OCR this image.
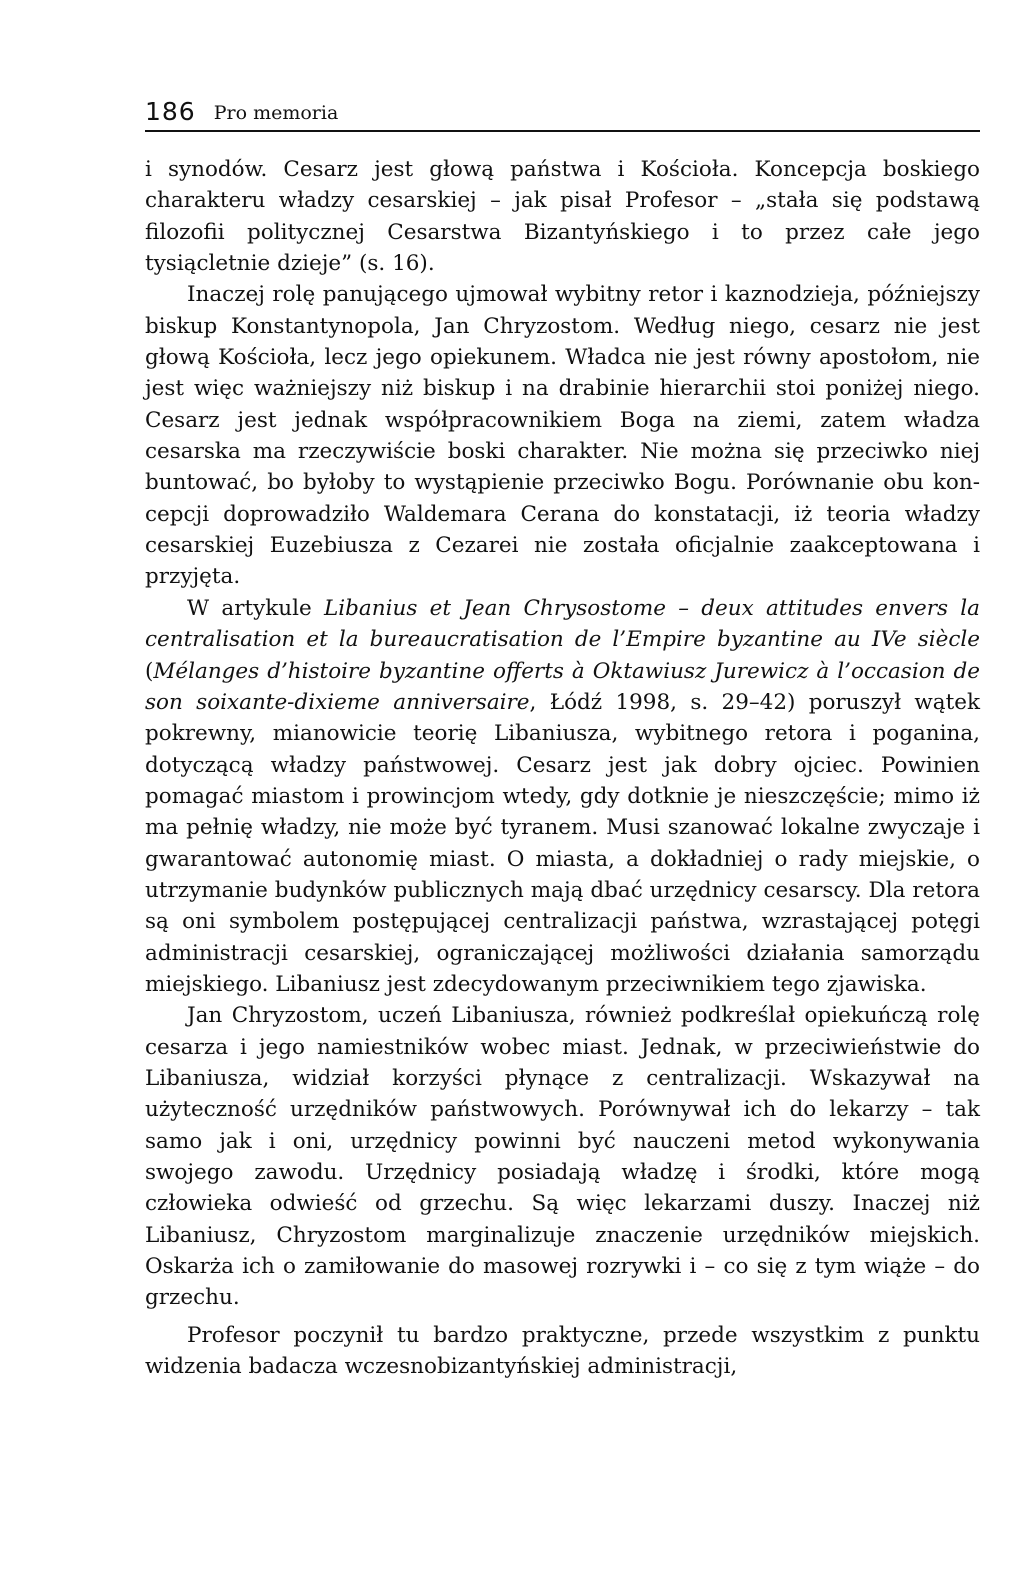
186 Pro memoria

i synodów. Cesarz jest głową państwa i Kościoła. Koncepcja boskiego charakteru władzy cesarskiej – jak pisał Profesor – „stała się podstawą filozofii politycznej Cesarstwa Bizantyńskiego i to przez całe jego tysiącletnie dzieje” (s. 16).

Inaczej rolę panującego ujmował wybitny retor i kaznodzieja, późniejszy biskup Konstantynopola, Jan Chryzostom. Według niego, cesarz nie jest głową Kościoła, lecz jego opiekunem. Władca nie jest równy apostołom, nie jest więc ważniejszy niż biskup i na drabinie hierarchii stoi poniżej niego. Cesarz jest jednak współpracownikiem Boga na ziemi, zatem władza cesarska ma rzeczywiście boski charakter. Nie można się przeciwko niej buntować, bo byłoby to wystąpienie przeciwko Bogu. Porównanie obu koncepcji doprowadziło Waldemara Cerana do konstatacji, iż teoria władzy cesarskiej Euzebiusza z Cezarei nie została oficjalnie zaakceptowana i przyjęta.

W artykule Libanius et Jean Chrysostome – deux attitudes envers la centralisation et la bureaucratisation de l’Empire byzantine au IVe siècle (Mélanges d’histoire byzantine offerts à Oktawiusz Jurewicz à l’occasion de son soixante-dixieme anniversaire, Łódź 1998, s. 29–42) poruszył wątek pokrewny, mianowicie teorię Libaniusza, wybitnego retora i poganina, dotyczącą władzy państwowej. Cesarz jest jak dobry ojciec. Powinien pomagać miastom i prowincjom wtedy, gdy dotknie je nieszczęście; mimo iż ma pełnię władzy, nie może być tyranem. Musi szanować lokalne zwyczaje i gwarantować autonomię miast. O miasta, a dokładniej o rady miejskie, o utrzymanie budynków publicznych mają dbać urzędnicy cesarscy. Dla retora są oni symbolem postępującej centralizacji państwa, wzrastającej potęgi administracji cesarskiej, ograniczającej możliwości działania samorządu miejskiego. Libaniusz jest zdecydowanym przeciwnikiem tego zjawiska.

Jan Chryzostom, uczeń Libaniusza, również podkreślał opiekuńczą rolę cesarza i jego namiestników wobec miast. Jednak, w przeciwieństwie do Libaniusza, widział korzyści płynące z centralizacji. Wskazywał na użyteczność urzędników państwowych. Porównywał ich do lekarzy – tak samo jak i oni, urzędnicy powinni być nauczeni metod wykonywania swojego zawodu. Urzędnicy posiadają władzę i środki, które mogą człowieka odwieść od grzechu. Są więc lekarzami duszy. Inaczej niż Libaniusz, Chryzostom marginalizuje znaczenie urzędników miejskich. Oskarża ich o zamiłowanie do masowej rozrywki i – co się z tym wiąże – do grzechu.

Profesor poczynił tu bardzo praktyczne, przede wszystkim z punktu widzenia badacza wczesnobizantyńskiej administracji,
